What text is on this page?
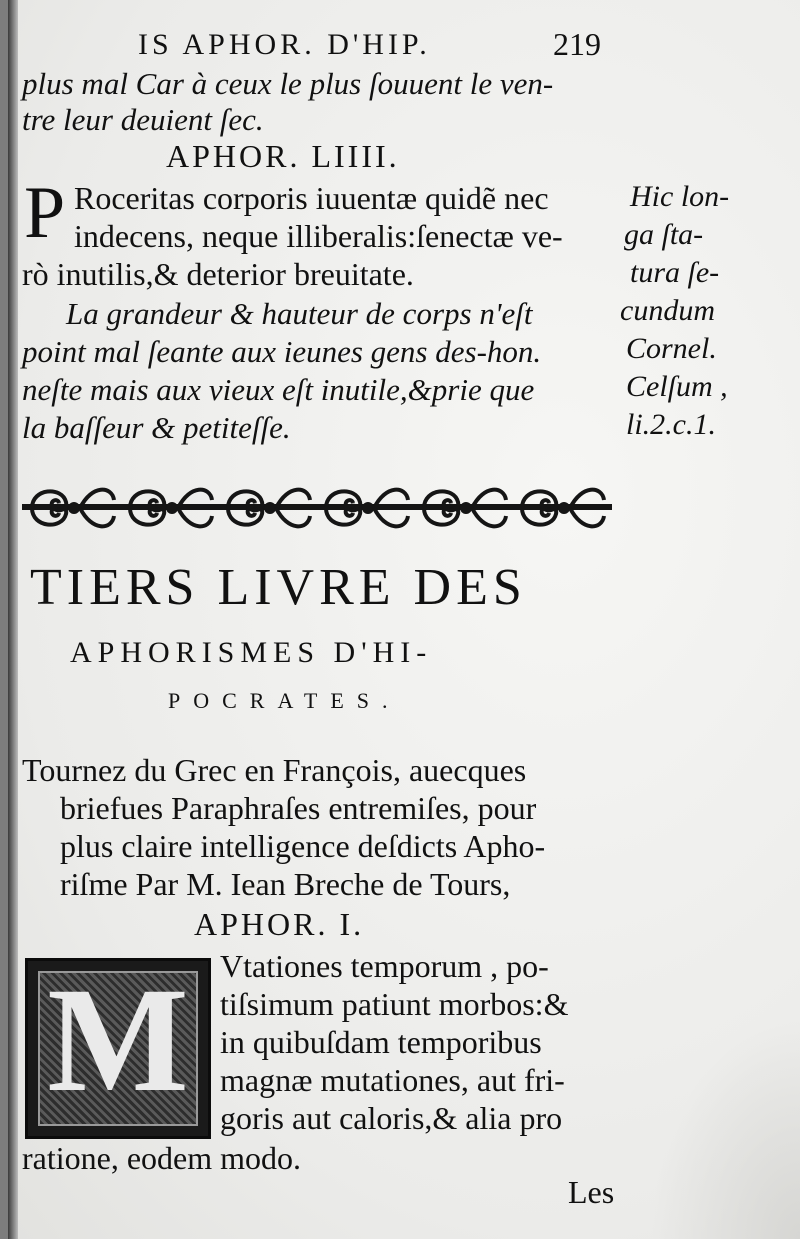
IS APHOR. D'HIP.	219
plus mal Car à ceux le plus ſouuent le ven-
tre leur deuient ſec.
APHOR. LIIII.
P Roceritas corporis iuuentæ quidẽ nec
indecens, neque illiberalis:ſenectæ ve-
rò inutilis,& deterior breuitate.
La grandeur & hauteur de corps n'eſt
point mal ſeante aux ieunes gens des-hon.
neſte mais aux vieux eſt inutile,&prie que
la baſſeur & petiteſſe.
Hic lon-
ga ſta-
tura ſe-
cundum
Cornel.
Celſum ,
li.2.c.1.
TIERS LIVRE DES
APHORISMES D'HI-
POCRATES.
Tournez du Grec en François, auecques
briefues Paraphraſes entremiſes, pour
plus claire intelligence deſdicts Apho-
riſme Par M. Iean Breche de Tours,
APHOR. I.
M Vtationes temporum , po-
tiſsimum patiunt morbos:&
in quibuſdam temporibus
magnæ mutationes, aut fri-
goris aut caloris,& alia pro
ratione, eodem modo.
Les
